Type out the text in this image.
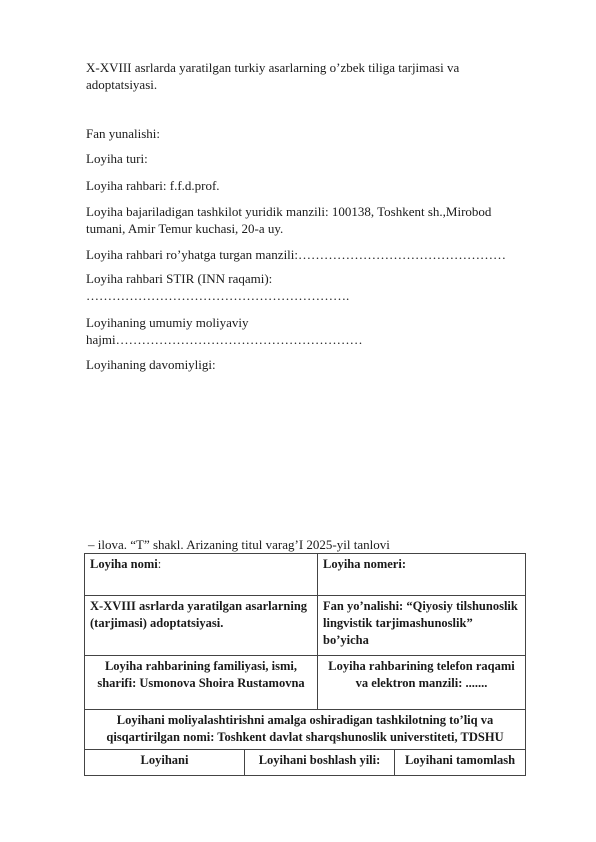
X-XVIII asrlarda yaratilgan turkiy asarlarning o’zbek tiliga tarjimasi va adoptatsiyasi.

Fan yunalishi:

Loyiha turi:

Loyiha rahbari: f.f.d.prof.

Loyiha bajariladigan tashkilot yuridik manzili: 100138, Toshkent sh.,Mirobod tumani, Amir Temur kuchasi, 20-a uy.

Loyiha rahbari ro’yhatga turgan manzili:…………………………………………

Loyiha rahbari STIR (INN raqami): …………………………………………………….

Loyihaning umumiy moliyaviy hajmi…………………………………………………

Loyihaning davomiyligi:

– ilova. “T” shakl. Arizaning titul varag’I 2025-yil tanlovi

Loyiha nomi:		Loyiha nomeri:	
X-XVIII asrlarda yaratilgan asarlarning (tarjimasi) adoptatsiyasi.		Fan yo’nalishi: “Qiyosiy tilshunoslik lingvistik tarjimashunoslik” bo’yicha	
Loyiha rahbarining familiyasi, ismi, sharifi: Usmonova Shoira Rustamovna		Loyiha rahbarining telefon raqami va elektron manzili: .......	
Loyihani moliyalashtirishni amalga oshiradigan tashkilotning to’liq va qisqartirilgan nomi: Toshkent davlat sharqshunoslik universtiteti, TDSHU			
Loyihani	Loyihani boshlash yili:		Loyihani tamomlash
